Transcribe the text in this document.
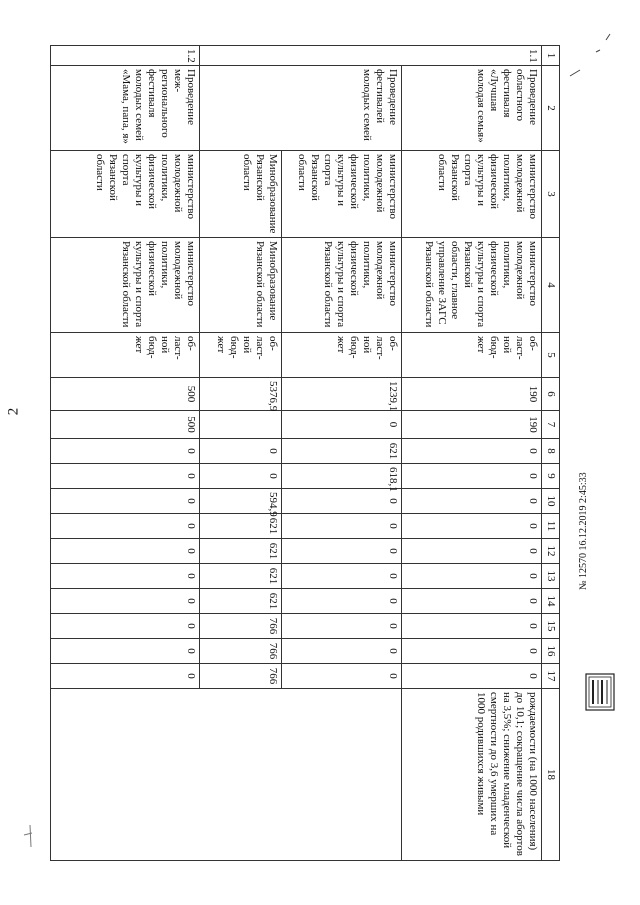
2
1	2	3	4	5	6	7	8	9	10	11	12	13	14	15	16	17	18
1.1	Проведение областного фестиваля «Лучшая молодая семья»	министерство молодежной политики, физической культуры и спорта Рязанской области	министерство молодежной политики, физической культуры и спорта Рязанской области, главное управление ЗАГС Рязанской области	об- ласт- ной бюд- жет	190	190	0	0	0	0	0	0	0	0	0	0	рождаемости (на 1000 населения) до 10,1; сокращение числа абортов на 3,5%; снижение младенческой смертности до 3,6 умерших на 1000 родившихся живыми
	Проведение фестивалей молодых семей	министерство молодежной политики, физической культуры и спорта Рязанской области	министерство молодежной политики, физической культуры и спорта Рязанской области	об- ласт- ной бюд- жет	1239,1	0	621	618,1	0	0	0	0	0	0	0	0	
		Минобразование Рязанской области	Минобразование Рязанской области	об- ласт- ной бюд- жет	5376,9		0	0	594,9	621	621	621	621	766	766	766	
1.2	Проведение меж- регионального фестиваля молодых семей «Мама, папа, я»	министерство молодежной политики, физической культуры и спорта Рязанской области	министерство молодежной политики, физической культуры и спорта Рязанской области	об- ласт- ной бюд- жет	500	500	0	0	0	0	0	0	0	0	0	0	
№ 12570 16.12.2019 2:45:33
